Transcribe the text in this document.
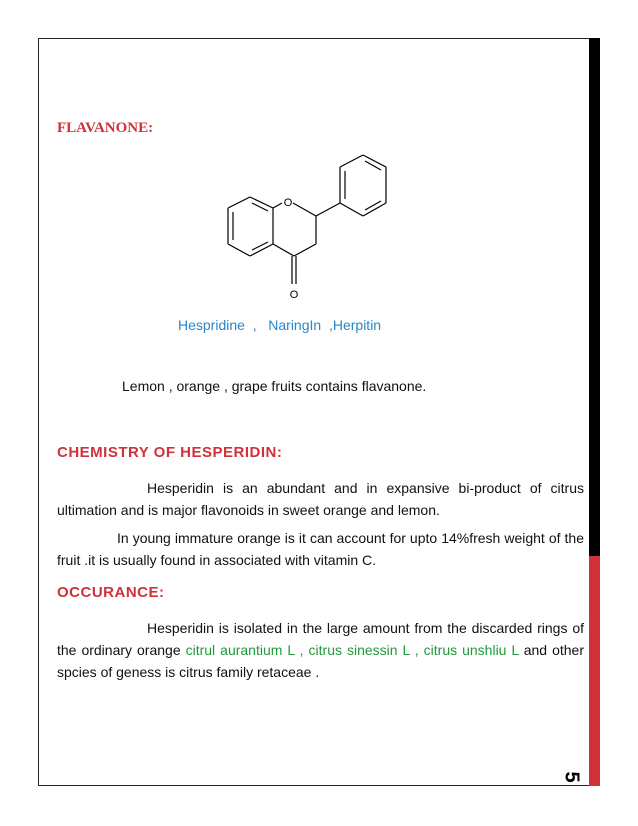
5
FLAVANONE:
O
O
Hespridine  ,   NaringIn  ,Herpitin
Lemon , orange , grape fruits contains flavanone.
CHEMISTRY OF HESPERIDIN:
Hesperidin is an abundant and in expansive bi-product of citrus ultimation and is major flavonoids in sweet orange and lemon.
In young immature orange is it can account for upto 14%fresh weight of the fruit .it is usually found in associated with vitamin C.
OCCURANCE:
Hesperidin is isolated in the large amount from the discarded rings of the ordinary orange citrul aurantium L , citrus sinessin L , citrus unshliu L and other spcies of geness is citrus family retaceae .
